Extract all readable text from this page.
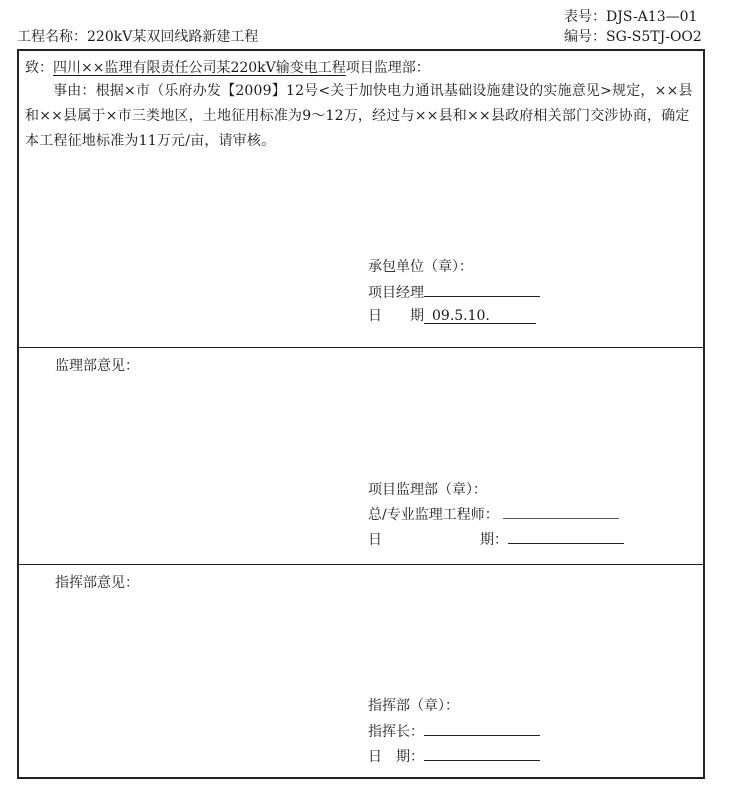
表号：DJS-A13—01
工程名称：220kV某双回线路新建工程	编号：SG-S5TJ-OO2
致：四川××监理有限责任公司某220kV输变电工程项目监理部：
事由：根据×市（乐府办发【2009】12号<关于加快电力通讯基础设施建设的实施意见>规定，××县和××县属于×市三类地区，土地征用标准为9～12万，经过与××县和××县政府相关部门交涉协商，确定本工程征地标准为11万元/亩，请审核。
承包单位（章）：
项目经理
日　　期 09.5.10.
监理部意见：
项目监理部（章）：
总/专业监理工程师：
日	期：
指挥部意见：
指挥部（章）：
指挥长：
日　期：
